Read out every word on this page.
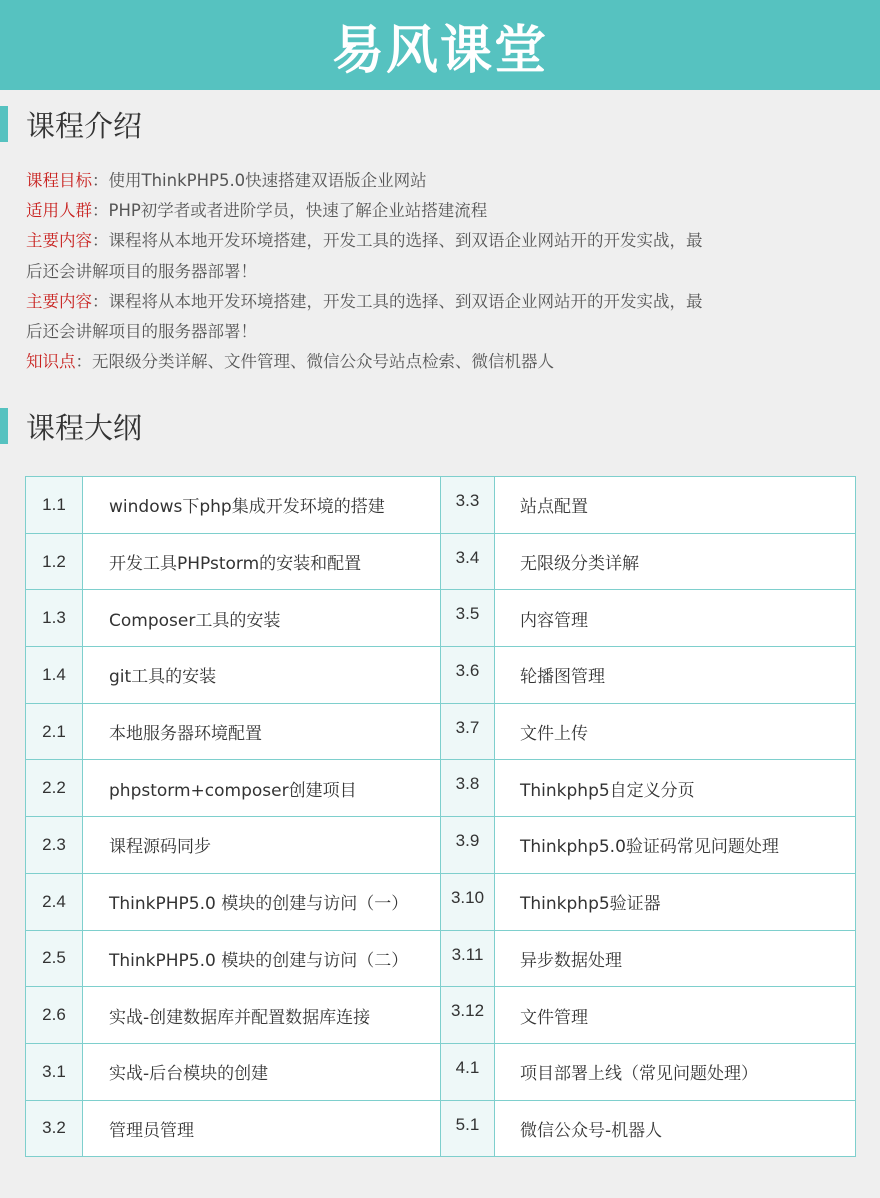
易风课堂
课程介绍
课程目标：使用ThinkPHP5.0快速搭建双语版企业网站
适用人群：PHP初学者或者进阶学员，快速了解企业站搭建流程
主要内容：课程将从本地开发环境搭建，开发工具的选择、到双语企业网站开的开发实战，最
后还会讲解项目的服务器部署！
主要内容：课程将从本地开发环境搭建，开发工具的选择、到双语企业网站开的开发实战，最
后还会讲解项目的服务器部署！
知识点：无限级分类详解、文件管理、微信公众号站点检索、微信机器人
课程大纲
1.1	windows下php集成开发环境的搭建	3.3	站点配置
1.2	开发工具PHPstorm的安装和配置	3.4	无限级分类详解
1.3	Composer工具的安装	3.5	内容管理
1.4	git工具的安装	3.6	轮播图管理
2.1	本地服务器环境配置	3.7	文件上传
2.2	phpstorm+composer创建项目	3.8	Thinkphp5自定义分页
2.3	课程源码同步	3.9	Thinkphp5.0验证码常见问题处理
2.4	ThinkPHP5.0 模块的创建与访问（一）	3.10	Thinkphp5验证器
2.5	ThinkPHP5.0 模块的创建与访问（二）	3.11	异步数据处理
2.6	实战-创建数据库并配置数据库连接	3.12	文件管理
3.1	实战-后台模块的创建	4.1	项目部署上线（常见问题处理）
3.2	管理员管理	5.1	微信公众号-机器人
